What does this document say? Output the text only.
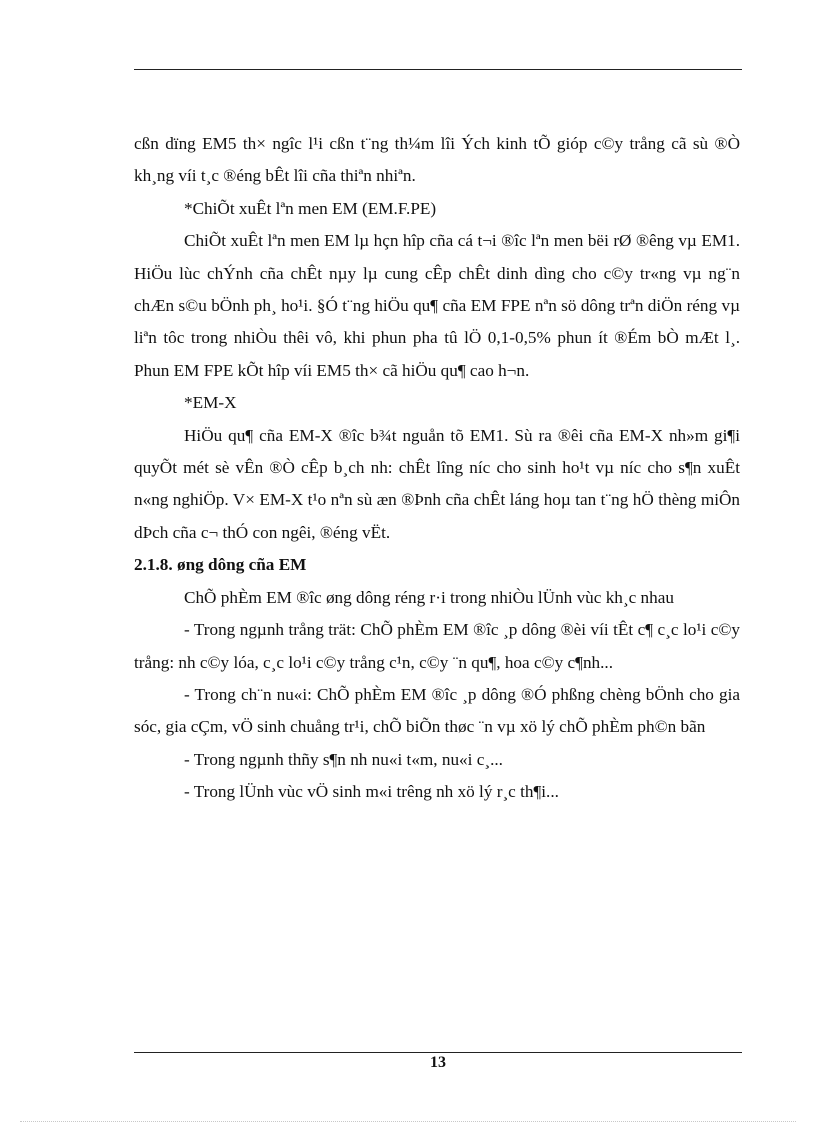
cßn dïng EM5 th× ngîc l¹i cßn t¨ng th¼m lîi Ých kinh tÕ gióp c©y trång cã sù ®Ò kh¸ng víi t¸c ®éng bÊt lîi cña thiªn nhiªn.

*ChiÕt xuÊt lªn men EM (EM.F.PE)

ChiÕt xuÊt lªn men EM lµ hçn hîp cña cá t¬i ®îc lªn men bëi rØ ®êng vµ EM1. HiÖu lùc chÝnh cña chÊt nµy lµ cung cÊp chÊt dinh dìng cho c©y tr«ng vµ ng¨n chÆn s©u bÖnh ph¸ ho¹i. §Ó t¨ng hiÖu qu¶ cña EM FPE nªn sö dông trªn diÖn réng vµ liªn tôc trong nhiÒu thêi vô, khi phun pha tû lÖ 0,1-0,5% phun ít ®Ém bÒ mÆt l¸. Phun EM FPE kÕt hîp víi EM5 th× cã hiÖu qu¶ cao h¬n.

*EM-X

HiÖu qu¶ cña EM-X ®îc b¾t nguån tõ EM1. Sù ra ®êi cña EM-X nh»m gi¶i quyÕt mét sè vÊn ®Ò cÊp b¸ch nh: chÊt lîng níc cho sinh ho¹t vµ níc cho s¶n xuÊt n«ng nghiÖp. V× EM-X t¹o nªn sù æn ®Þnh cña chÊt láng hoµ tan t¨ng hÖ thèng miÔn dÞch cña c¬ thÓ con ngêi, ®éng vËt.

2.1.8. øng dông cña EM

ChÕ phÈm EM ®îc øng dông réng r·i trong nhiÒu lÜnh vùc kh¸c nhau

- Trong ngµnh trång trät: ChÕ phÈm EM ®îc ¸p dông ®èi víi tÊt c¶ c¸c lo¹i c©y trång: nh c©y lóa, c¸c lo¹i c©y trång c¹n, c©y ¨n qu¶, hoa c©y c¶nh...

- Trong ch¨n nu«i: ChÕ phÈm EM ®îc ¸p dông ®Ó phßng chèng bÖnh cho gia sóc, gia cÇm, vÖ sinh chuång tr¹i, chÕ biÕn thøc ¨n vµ xö lý chÕ phÈm ph©n bãn

- Trong ngµnh thñy s¶n nh nu«i t«m, nu«i c¸...

- Trong lÜnh vùc vÖ sinh m«i trêng nh xö lý r¸c th¶i...

13
